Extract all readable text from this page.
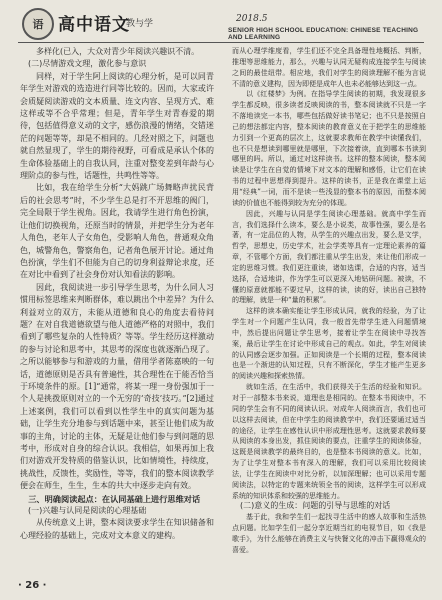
语 高中语文
教与学	2018.5
SENIOR HIGH SCHOOL EDUCATION: CHINESE TEACHING AND LEARNING

多样化(已入，大众对青少年阅读兴趣识不清。

(二)尽情游戏文理，激化参与意识

同样，对于学生阿上阅读的心理分析，是可以同青年学生对游戏的选造进行同等比较的。因而，大家或许会质疑阅读游戏的文本质量、连文内容、呈现方式、难这样或等不合乎常理；但是，青年学生对青春爱的期待，包括值得意义动的文字，感伤浪漫的情绪，交错迷茫的问题等等，却是不相同的。几经对照之下，问题也就自然显现了，学生的期待视野，可看成是承认个体的生命体验基础上的自我认同，注重对整变差到年龄与心理阶点的参与性，话题性，共鸣性等等。

比如，我在给学生分析“大妈跳广场舞略声扰民背后的社会思考”时，不少学生总是打不开思维的阀门，完全局限于学生视角。因此，我请学生进行角色扮演，让他们切换视角，还原当时的情景，并把学生分为老年人角色，老年人子女角色，受影响人角色，普通观众角色，城警角色，警察角色，记者角色展开讨论。通过角色扮演，学生们不但能为自己的切身利益辩论求度，还在对比中看到了社会身份对认知看法的影响。

因此，我阅读进一步引导学生思考，为什么同人习惯用标签思维来判断群体，难以跳出个中差异？为什么利益对立的双方，未能从道德和良心的角度去看待问题？在对自我道德欲望与他人道德严格的对照中，我们看到了哪些复杂的人性特质？等等。学生经历这样激动的参与讨论和思考中，其思考的深度也就逐渐凸现了。之所以能够参与和游戏的力量，借用学者陈嘉映的一句话，道德原则是否具有普遍性，其合理性在于能否恰当于环境条件的原。[1]“通常，将某一理一身份强加于一个人是挑拨原则对立的一个无穷的‘奇技’技巧。”[2]通过上述案例，我们可以看到以性学生中的真实问题为基础，让学生充分地参与到话题中来，甚至让他们成为故事的主角，讨论的主体，无疑是让他们参与到问题的思考中，形成对自身的综合认识。我相信，如果再加上我们对游戏开发特质的借鉴认识，比如情境性，持续度，挑战性，反馈性，奖励性，等等，我们的整本阅读教学便会在师生，生生，生本的共大中逐步走向有效。

三、明确阅读起点：在认同基础上进行思维对话

(一)兴趣与认同是阅读的心理基础

从传统意义上讲，整本阅读要求学生在知识储备和心理经验的基础上，完成对文本意义的建构。

而从心理学维度看，学生们还不完全具备理性地概括、判断，推理等思维能力，那么，兴趣与认同无疑构成连接学生与阅读之间的最佳纽带。相应地，我们对学生的阅读理解不能为言说不清的意义建构，因为即便是成年人也未必能够达到这一点。

以《红楼梦》为例。在指导学生阅读的初期，我发现很多学生都反映，很多读者反映阅读的书，整本阅读就不只是一字不落地读完一本书，哪些包括做好读书笔记；也不只是按照自己的想法都定内容，整本阅读的教育意义在于把学生的思维能力引到一个更高的层次上，这就要求教师在教学中读懂我们，也不只是想读到哪里就是哪里，下次接着读，直到哪本书读到哪里的吗。所以，通过对这样读书。这样的整本阅读，整本阅读是让学生在自觉的情境下对文本的理解和感悟，让它们在读书的过程中思想得到提升。这样的读书，正是我在课堂上运用“经典”一词，而不是读一些浅显的整本书的原因，而整本阅读的价值也不能得到较为充分的体现。

因此，兴趣与认同是学生阅读心理基础。就高中学生而言，我们选择什么读本，要么是小说类，故事性强，要么是名著，有一定品位的人物，从学生的兴趣点出发，要么是文学，哲学，思想史，历史学术，社会学类等具有一定理论素养的篇章，不管哪个方面，我们都注重从学生出发，来让他们形成一定的思维习惯。我们更注重读，诸如选课，合适的内容，适当选择，合适地讲，作为学生可以更深入地钻研问题。被读，不懂的原意就都能不要过早，这样的读，读的好，读出自己独特的理解，就是一种“量的积累”。

这样的读本确实能让学生形成认同，就我的经验，为了让学生对一个问题产生认同，我一般首先带学生进入问题情境中，然后提出问题让学生思考，接着让学生在阅读中寻找答案，最后让学生在讨论中形成自己的观点。如此，学生对阅读的认同感会逐步加强。正如阅读是一个长期的过程，整本阅读也是一个渐进的认知过程，只有不断深化，学生才能产生更多的阅读兴趣和探索热情。

就如生活，在生活中，我们获得关于生活的经验和知识。对于一部整本书来说，道理也是相同的。在整本书阅读中，不同的学生会有不同的阅读认识。对成年人阅读而言，我们也可以这样去阅读，但在中学生的阅读教学中，我们还要通过适当的途径，让学生在感性认识中形成理性思考。这就要求教师要从阅读的本身出发，抓住阅读的要点，注重学生的阅读体验，这既是阅读教学的最终目的，也是整本书阅读的意义。比如，为了让学生对整本书有深入的理解，我们可以采用比较阅读法，让学生在阅读中对比分析，以加深理解；也可以采用专题阅读法，以特定的专题来统领全书的阅读，这样学生可以形成系统的知识体系和较强的思维能力。

(二)意义的生成：问题的引导与思维的对话

基于此，我和学生们一起找寻生活中的感人故事和生活热点问题。比如学生们一起分享近期当红的电视节目，如《我是歌手》，为什么能够在消费主义与快餐文化的冲击下赢得观众的喜爱。

· 26 ·
